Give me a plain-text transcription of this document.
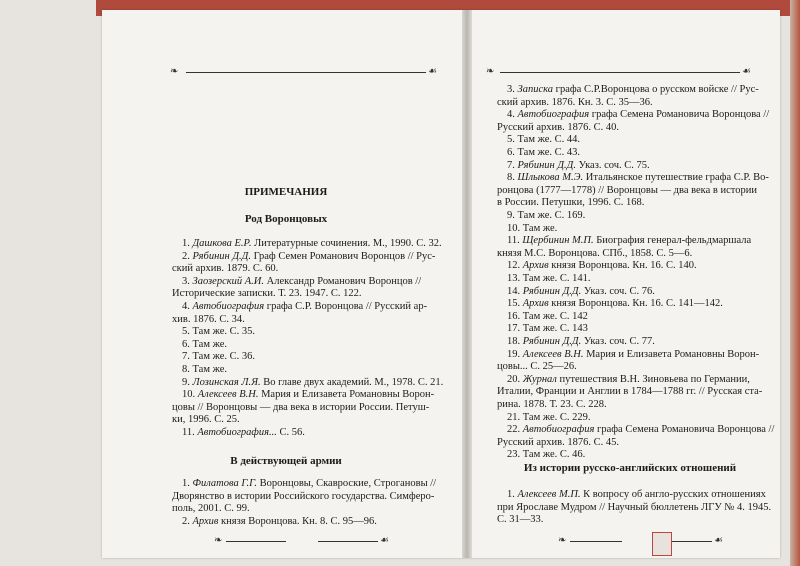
❧	☙	❧	☙
ПРИМЕЧАНИЯ
Род Воронцовых
1. Дашкова Е.Р. Литературные сочинения. М., 1990. С. 32.
2. Рябинин Д.Д. Граф Семен Романович Воронцов // Рус-
ский архив. 1879. С. 60.
3. Заозерский А.И. Александр Романович Воронцов //
Исторические записки. Т. 23. 1947. С. 122.
4. Автобиография графа С.Р. Воронцова // Русский ар-
хив. 1876. С. 34.
5. Там же. С. 35.
6. Там же.
7. Там же. С. 36.
8. Там же.
9. Лозинская Л.Я. Во главе двух академий. М., 1978. С. 21.
10. Алексеев В.Н. Мария и Елизавета Романовны Ворон-
цовы // Воронцовы — два века в истории России. Петуш-
ки, 1996. С. 25.
11. Автобиография... С. 56.
В действующей армии
1. Филатова Г.Г. Воронцовы, Скавроские, Строгановы //
Дворянство в истории Российского государства. Симферо-
поль, 2001. С. 99.
2. Архив князя Воронцова. Кн. 8. С. 95—96.
3. Записка графа С.Р.Воронцова о русском войске // Рус-
ский архив. 1876. Кн. 3. С. 35—36.
4. Автобиография графа Семена Романовича Воронцова //
Русский архив. 1876. С. 40.
5. Там же. С. 44.
6. Там же. С. 43.
7. Рябинин Д.Д. Указ. соч. С. 75.
8. Шлыкова М.Э. Итальянское путешествие графа С.Р. Во-
ронцова (1777—1778) // Воронцовы — два века в истории
в России. Петушки, 1996. С. 168.
9. Там же. С. 169.
10. Там же.
11. Щербинин М.П. Биография генерал-фельдмаршала
князя М.С. Воронцова. СПб., 1858. С. 5—6.
12. Архив князя Воронцова. Кн. 16. С. 140.
13. Там же. С. 141.
14. Рябинин Д.Д. Указ. соч. С. 76.
15. Архив князя Воронцова. Кн. 16. С. 141—142.
16. Там же. С. 142
17. Там же. С. 143
18. Рябинин Д.Д. Указ. соч. С. 77.
19. Алексеев В.Н. Мария и Елизавета Романовны Ворон-
цовы... С. 25—26.
20. Журнал путешествия В.Н. Зиновьева по Германии,
Италии, Франции и Англии в 1784—1788 гг. // Русская ста-
рина. 1878. Т. 23. С. 228.
21. Там же. С. 229.
22. Автобиография графа Семена Романовича Воронцова //
Русский архив. 1876. С. 45.
23. Там же. С. 46.
Из истории русско-английских отношений
1. Алексеев М.П. К вопросу об англо-русских отношениях
при Ярославе Мудром // Научный бюллетень ЛГУ № 4. 1945.
С. 31—33.
❧	☙	❧	☙
